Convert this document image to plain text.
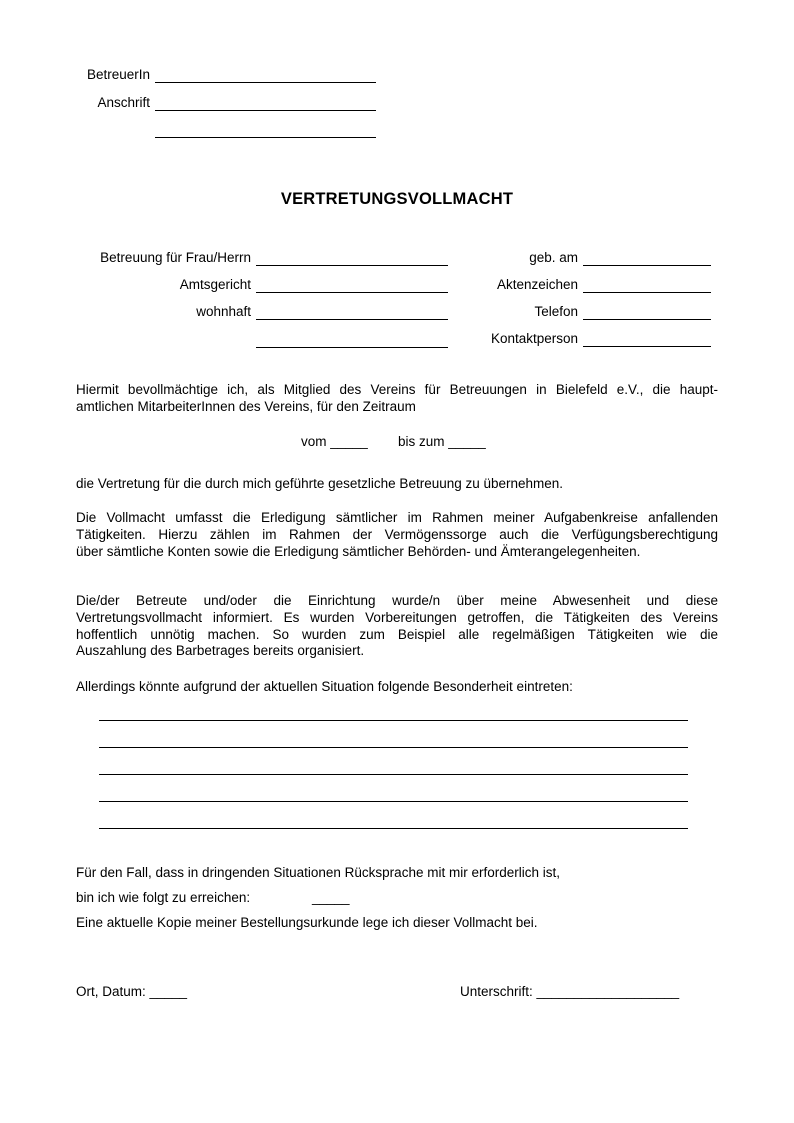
BetreuerIn
Anschrift
VERTRETUNGSVOLLMACHT
Betreuung für Frau/Herrn
Amtsgericht
wohnhaft
geb. am
Aktenzeichen
Telefon
Kontaktperson
Hiermit bevollmächtige ich, als Mitglied des Vereins für Betreuungen in Bielefeld e.V., die haupt-
amtlichen MitarbeiterInnen des Vereins, für den Zeitraum
vom _____ bis zum _____
die Vertretung für die durch mich geführte gesetzliche Betreuung zu übernehmen.
Die Vollmacht umfasst die Erledigung sämtlicher im Rahmen meiner Aufgabenkreise anfallenden
Tätigkeiten. Hierzu zählen im Rahmen der Vermögenssorge auch die Verfügungsberechtigung
über sämtliche Konten sowie die Erledigung sämtlicher Behörden- und Ämterangelegenheiten.
Die/der Betreute und/oder die Einrichtung wurde/n über meine Abwesenheit und diese
Vertretungsvollmacht informiert. Es wurden Vorbereitungen getroffen, die Tätigkeiten des Vereins
hoffentlich unnötig machen. So wurden zum Beispiel alle regelmäßigen Tätigkeiten wie die
Auszahlung des Barbetrages bereits organisiert.
Allerdings könnte aufgrund der aktuellen Situation folgende Besonderheit eintreten:
Für den Fall, dass in dringenden Situationen Rücksprache mit mir erforderlich ist,
bin ich wie folgt zu erreichen:	_____
Eine aktuelle Kopie meiner Bestellungsurkunde lege ich dieser Vollmacht bei.
Ort, Datum: _____	Unterschrift: ___________________
